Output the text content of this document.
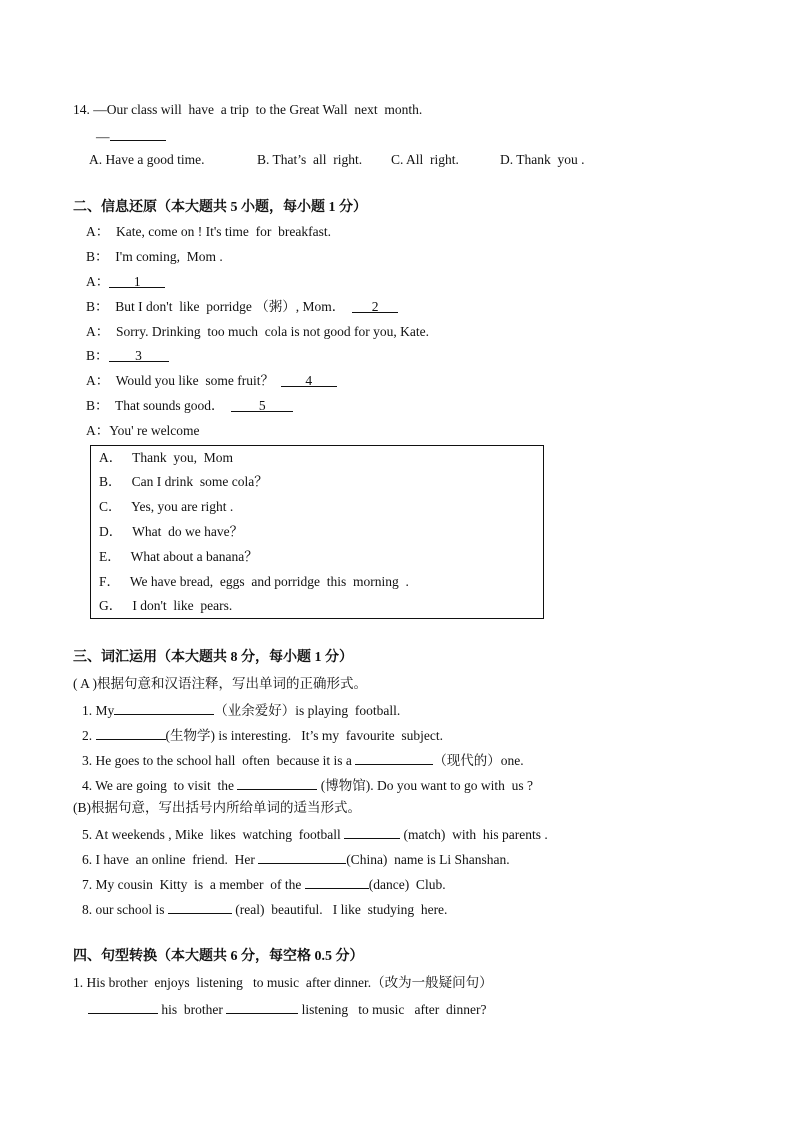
14. —Our class will  have  a trip  to the Great Wall  next  month.
—
A. Have a good time.	B. That’s  all  right. C. All  right.	D. Thank  you .
二、信息还原（本大题共 5 小题，每小题 1 分）
A： Kate, come on ! It's time  for  breakfast.
B： I'm coming,  Mom .
A： 1
B： But I don't  like  porridge （粥）, Mom． 2
A： Sorry. Drinking  too much  cola is not good for you, Kate.
B： 3
A： Would you like  some fruit？ 4
B： That sounds good．	5
A：You' re welcome
A．   Thank  you,  Mom
B．   Can I drink  some cola？
C．   Yes, you are right .
D．   What  do we have？
E．   What about a banana？
F．   We have bread,  eggs  and porridge  this  morning  .
G．   I don't  like  pears.
三、词汇运用（本大题共 8 分，每小题 1 分）
( A )根据句意和汉语注释，写出单词的正确形式。
1. My	（业余爱好）is playing  football.
2.	(生物学) is interesting.   It’s my  favourite  subject.
3. He goes to the school hall  often  because it is a	（现代的）one.
4. We are going  to visit  the	(博物馆). Do you want to go with  us ?
(B)根据句意，写出括号内所给单词的适当形式。
5. At weekends , Mike  likes  watching  football	(match)  with  his parents .
6. I have  an online  friend.  Her	(China)  name is Li Shanshan.
7. My cousin  Kitty  is  a member  of the	(dance)  Club.
8. our school is	(real)  beautiful.   I like  studying  here.
四、句型转换（本大题共 6 分，每空格 0.5 分）
1. His brother  enjoys  listening   to music  after dinner.（改为一般疑问句）
his  brother	listening   to music   after  dinner?
